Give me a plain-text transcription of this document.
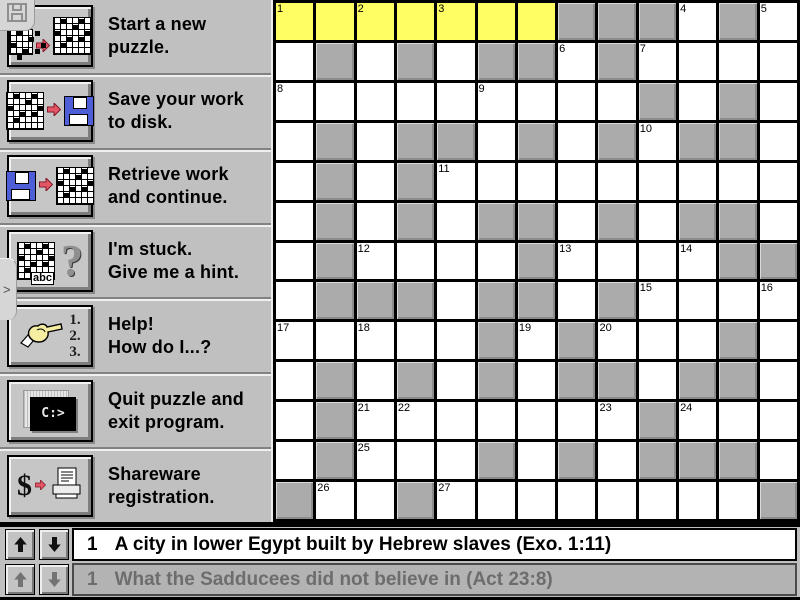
>
Start a new
puzzle.
Save your work
to disk.
Retrieve work
and continue.
abc ? I'm stuck.
Give me a hint.
1.
2.
3.
Help!
How do I...?
C:>
Quit puzzle and
exit program.
$	Shareware
registration.
1	2	3	4	5
6	7
8	9
10
11
12	13	14
15	16
17	18	19	20
21	22	23	24
25
26	27
1 A city in lower Egypt built by Hebrew slaves (Exo. 1:11)
1 What the Sadducees did not believe in (Act 23:8)
